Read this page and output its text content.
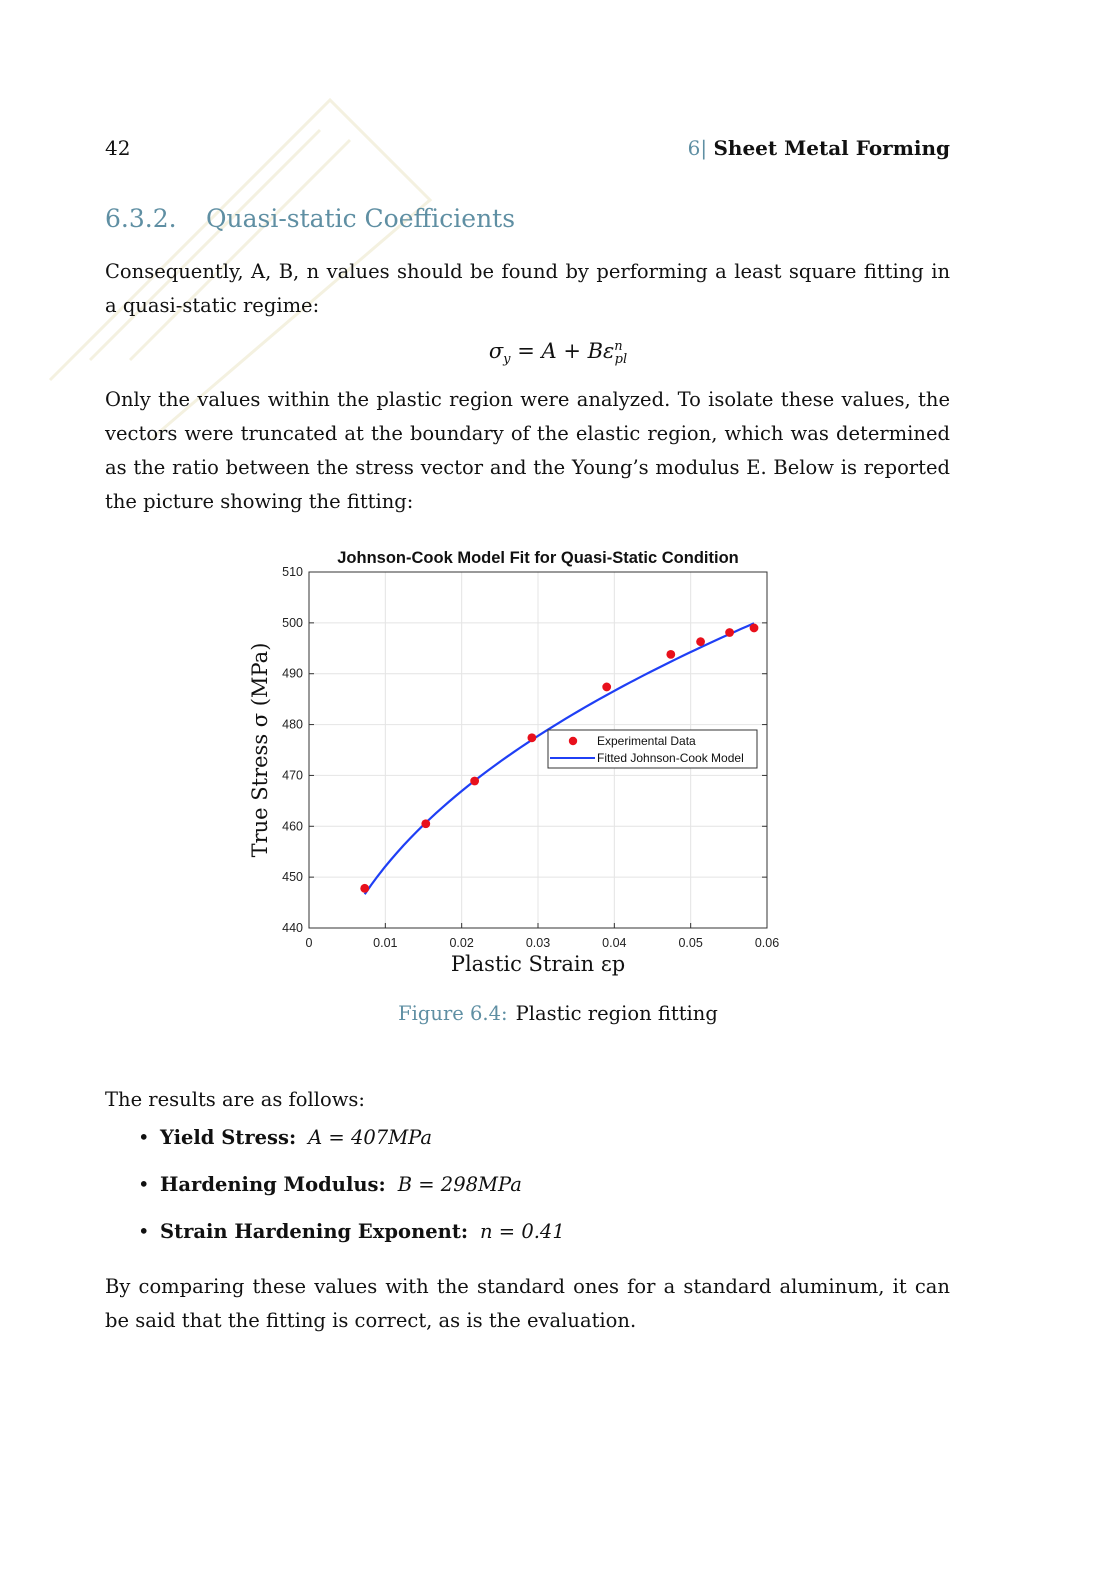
42	6| Sheet Metal Forming
6.3.2. Quasi-static Coefficients

Consequently, A, B, n values should be found by performing a least square fitting in a quasi-static regime:

$\sigma_y = A + B\varepsilon^n_{pl}$

Only the values within the plastic region were analyzed. To isolate these values, the vectors were truncated at the boundary of the elastic region, which was determined as the ratio between the stress vector and the Young’s modulus E. Below is reported the picture showing the fitting:

Johnson-Cook Model Fit for Quasi-Static Condition
0	0.01	0.02	0.03	0.04	0.05	0.06
440
450
460
470
480
490
500
510
Experimental Data
Fitted Johnson-Cook Model
Plastic Strain εp
True Stress σ (MPa)
Figure 6.4: Plastic region fitting

The results are as follows:

• Yield Stress: A = 407MPa
• Hardening Modulus: B = 298MPa
• Strain Hardening Exponent: n = 0.41

By comparing these values with the standard ones for a standard aluminum, it can be said that the fitting is correct, as is the evaluation.
